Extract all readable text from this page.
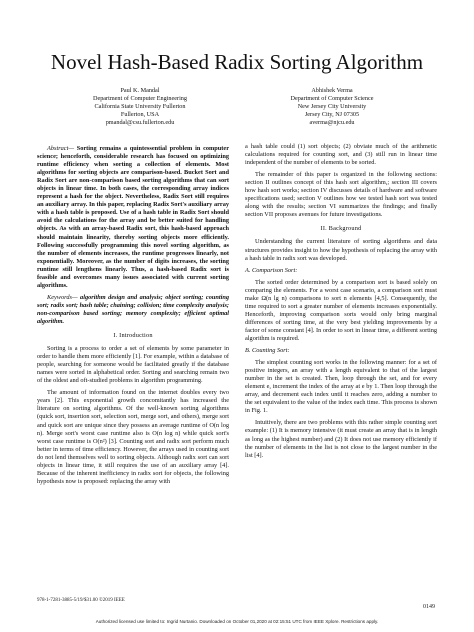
Novel Hash-Based Radix Sorting Algorithm
Paul K. Mandal
Department of Computer Engineering
California State University Fullerton
Fullerton, USA
pmandal@csu.fullerton.edu
Abhishek Verma
Department of Computer Science
New Jersey City University
Jersey City, NJ 07305
averma@njcu.edu

Abstract— Sorting remains a quintessential problem in computer science; henceforth, considerable research has focused on optimizing runtime efficiency when sorting a collection of elements. Most algorithms for sorting objects are comparison-based. Bucket Sort and Radix Sort are non-comparison based sorting algorithms that can sort objects in linear time. In both cases, the corresponding array indices represent a hash for the object. Nevertheless, Radix Sort still requires an auxiliary array. In this paper, replacing Radix Sort's auxiliary array with a hash table is proposed. Use of a hash table in Radix Sort should avoid the calculations for the array and be better suited for handling objects. As with an array-based Radix sort, this hash-based approach should maintain linearity, thereby sorting objects more efficiently. Following successfully programming this novel sorting algorithm, as the number of elements increases, the runtime progresses linearly, not exponentially. Moreover, as the number of digits increases, the sorting runtime still lengthens linearly. Thus, a hash-based Radix sort is feasible and overcomes many issues associated with current sorting algorithms.

Keywords— algorithm design and analysis; object sorting; counting sort; radix sort; hash table; chaining; collision; time complexity analysis; non-comparison based sorting; memory complexity; efficient optimal algorithm.

I. Introduction

Sorting is a process to order a set of elements by some parameter in order to handle them more efficiently [1]. For example, within a database of people, searching for someone would be facilitated greatly if the database names were sorted in alphabetical order. Sorting and searching remain two of the oldest and oft-studied problems in algorithm programming.

The amount of information found on the internet doubles every two years [2]. This exponential growth concomitantly has increased the literature on sorting algorithms. Of the well-known sorting algorithms (quick sort, insertion sort, selection sort, merge sort, and others), merge sort and quick sort are unique since they possess an average runtime of O(n log n). Merge sort's worst case runtime also is O(n log n) while quick sort's worst case runtime is O(n²) [3]. Counting sort and radix sort perform much better in terms of time efficiency. However, the arrays used in counting sort do not lend themselves well to sorting objects. Although radix sort can sort objects in linear time, it still requires the use of an auxiliary array [4]. Because of the inherent inefficiency in radix sort for objects, the following hypothesis now is proposed: replacing the array with

a hash table could (1) sort objects; (2) obviate much of the arithmetic calculations required for counting sort, and (3) still run in linear time independent of the number of elements to be sorted.

The remainder of this paper is organized in the following sections: section II outlines concept of this hash sort algorithm,; section III covers how hash sort works; section IV discusses details of hardware and software specifications used; section V outlines how we tested hash sort was tested along with the results; section VI summarizes the findings; and finally section VII proposes avenues for future investigations.

II. Background

Understanding the current literature of sorting algorithms and data structures provides insight to how the hypothesis of replacing the array with a hash table in radix sort was developed.

A. Comparison Sort:

The sorted order determined by a comparison sort is based solely on comparing the elements. For a worst case scenario, a comparison sort must make Ω(n lg n) comparisons to sort n elements [4,5]. Consequently, the time required to sort a greater number of elements increases exponentially. Henceforth, improving comparison sorts would only bring marginal differences of sorting time, at the very best yielding improvements by a factor of some constant [4]. In order to sort in linear time, a different sorting algorithm is required.

B. Counting Sort:

The simplest counting sort works in the following manner: for a set of positive integers, an array with a length equivalent to that of the largest number in the set is created. Then, loop through the set, and for every element e, increment the index of the array at e by 1. Then loop through the array, and decrement each index until it reaches zero, adding a number to the set equivalent to the value of the index each time. This process is shown in Fig. 1.

Intuitively, there are two problems with this rather simple counting sort example: (1) It is memory intensive (it must create an array that is in length as long as the highest number) and (2) It does not use memory efficiently if the number of elements in the list is not close to the largest number in the list [4].

978-1-7281-3885-5/19/$31.00 ©2019 IEEE
0149
Authorized licensed use limited to: Ingrid Nurtanio. Downloaded on October 01,2020 at 02:15:51 UTC from IEEE Xplore. Restrictions apply.
